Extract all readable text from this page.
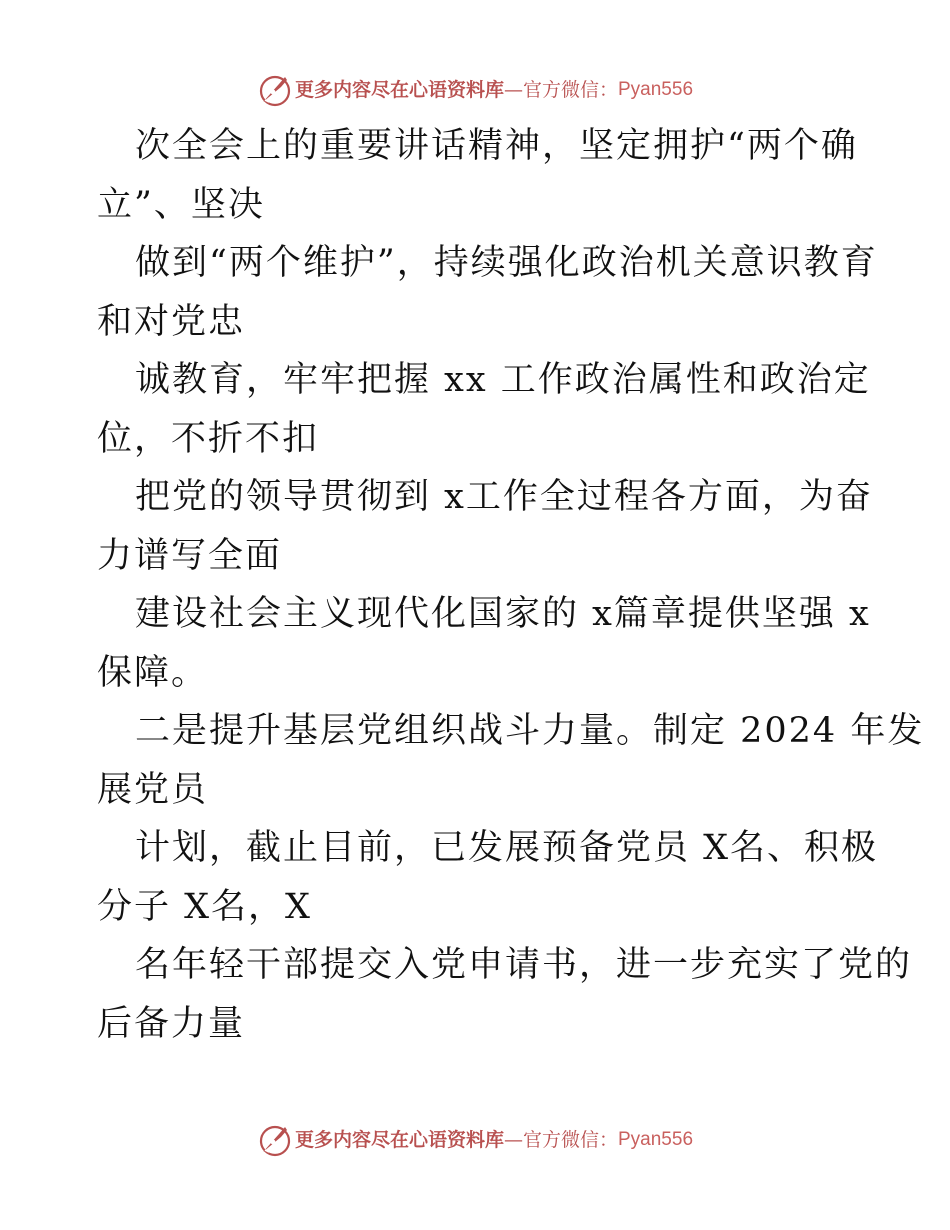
更多内容尽在心语资料库 — 官方微信： Pyan556
次全会上的重要讲话精神，坚定拥护“两个确
立”、坚决
做到“两个维护”，持续强化政治机关意识教育
和对党忠
诚教育，牢牢把握 xx 工作政治属性和政治定
位，不折不扣
把党的领导贯彻到 x工作全过程各方面，为奋
力谱写全面
建设社会主义现代化国家的 x篇章提供坚强 x
保障。
二是提升基层党组织战斗力量。制定 2024 年发
展党员
计划，截止目前，已发展预备党员 X名、积极
分子 X名，X
名年轻干部提交入党申请书，进一步充实了党的
后备力量
更多内容尽在心语资料库 — 官方微信： Pyan556
